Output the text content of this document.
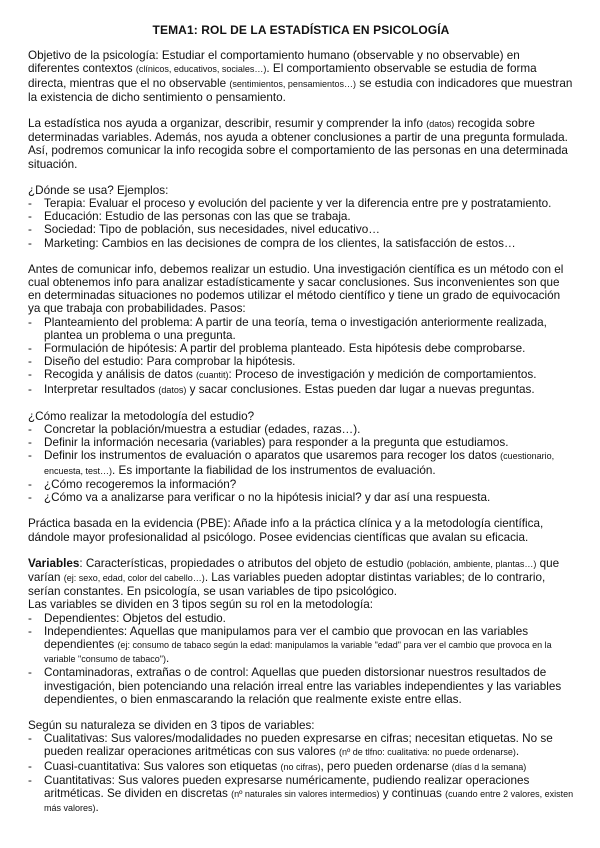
TEMA1: ROL DE LA ESTADÍSTICA EN PSICOLOGÍA

Objetivo de la psicología: Estudiar el comportamiento humano (observable y no observable) en diferentes contextos (clínicos, educativos, sociales…). El comportamiento observable se estudia de forma directa, mientras que el no observable (sentimientos, pensamientos…) se estudia con indicadores que muestran la existencia de dicho sentimiento o pensamiento.

La estadística nos ayuda a organizar, describir, resumir y comprender la info (datos) recogida sobre determinadas variables. Además, nos ayuda a obtener conclusiones a partir de una pregunta formulada. Así, podremos comunicar la info recogida sobre el comportamiento de las personas en una determinada situación.

¿Dónde se usa? Ejemplos:

- Terapia: Evaluar el proceso y evolución del paciente y ver la diferencia entre pre y postratamiento.
- Educación: Estudio de las personas con las que se trabaja.
- Sociedad: Tipo de población, sus necesidades, nivel educativo…
- Marketing: Cambios en las decisiones de compra de los clientes, la satisfacción de estos…

Antes de comunicar info, debemos realizar un estudio. Una investigación científica es un método con el cual obtenemos info para analizar estadísticamente y sacar conclusiones. Sus inconvenientes son que en determinadas situaciones no podemos utilizar el método científico y tiene un grado de equivocación ya que trabaja con probabilidades. Pasos:

- Planteamiento del problema: A partir de una teoría, tema o investigación anteriormente realizada, plantea un problema o una pregunta.
- Formulación de hipótesis: A partir del problema planteado. Esta hipótesis debe comprobarse.
- Diseño del estudio: Para comprobar la hipótesis.
- Recogida y análisis de datos (cuantit): Proceso de investigación y medición de comportamientos.
- Interpretar resultados (datos) y sacar conclusiones. Estas pueden dar lugar a nuevas preguntas.

¿Cómo realizar la metodología del estudio?

- Concretar la población/muestra a estudiar (edades, razas…).
- Definir la información necesaria (variables) para responder a la pregunta que estudiamos.
- Definir los instrumentos de evaluación o aparatos que usaremos para recoger los datos (cuestionario, encuesta, test…). Es importante la fiabilidad de los instrumentos de evaluación.
- ¿Cómo recogeremos la información?
- ¿Cómo va a analizarse para verificar o no la hipótesis inicial? y dar así una respuesta.

Práctica basada en la evidencia (PBE): Añade info a la práctica clínica y a la metodología científica, dándole mayor profesionalidad al psicólogo. Posee evidencias científicas que avalan su eficacia.

Variables: Características, propiedades o atributos del objeto de estudio (población, ambiente, plantas…) que varían (ej: sexo, edad, color del cabello…). Las variables pueden adoptar distintas variables; de lo contrario, serían constantes. En psicología, se usan variables de tipo psicológico.

Las variables se dividen en 3 tipos según su rol en la metodología:

- Dependientes: Objetos del estudio.
- Independientes: Aquellas que manipulamos para ver el cambio que provocan en las variables dependientes (ej: consumo de tabaco según la edad: manipulamos la variable "edad" para ver el cambio que provoca en la variable "consumo de tabaco").
- Contaminadoras, extrañas o de control: Aquellas que pueden distorsionar nuestros resultados de investigación, bien potenciando una relación irreal entre las variables independientes y las variables dependientes, o bien enmascarando la relación que realmente existe entre ellas.

Según su naturaleza se dividen en 3 tipos de variables:

- Cualitativas: Sus valores/modalidades no pueden expresarse en cifras; necesitan etiquetas. No se pueden realizar operaciones aritméticas con sus valores (nº de tlfno: cualitativa: no puede ordenarse).
- Cuasi-cuantitativa: Sus valores son etiquetas (no cifras), pero pueden ordenarse (días d la semana)
- Cuantitativas: Sus valores pueden expresarse numéricamente, pudiendo realizar operaciones aritméticas. Se dividen en discretas (nº naturales sin valores intermedios) y continuas (cuando entre 2 valores, existen más valores).
